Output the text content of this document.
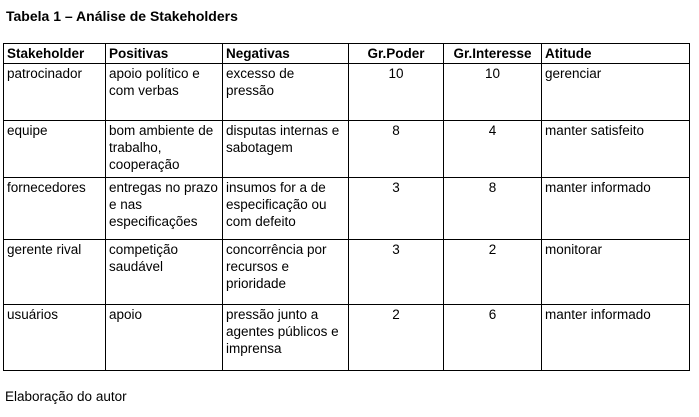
Tabela 1 – Análise de Stakeholders
Stakeholder	Positivas	Negativas	Gr.Poder	Gr.Interesse	Atitude
patrocinador	apoio político e com verbas	excesso de pressão	10	10	gerenciar
equipe	bom ambiente de trabalho, cooperação	disputas internas e sabotagem	8	4	manter satisfeito
fornecedores	entregas no prazo e nas especificações	insumos for a de especificação ou com defeito	3	8	manter informado
gerente rival	competição saudável	concorrência por recursos e prioridade	3	2	monitorar
usuários	apoio	pressão junto a agentes públicos e imprensa	2	6	manter informado
Elaboração do autor
